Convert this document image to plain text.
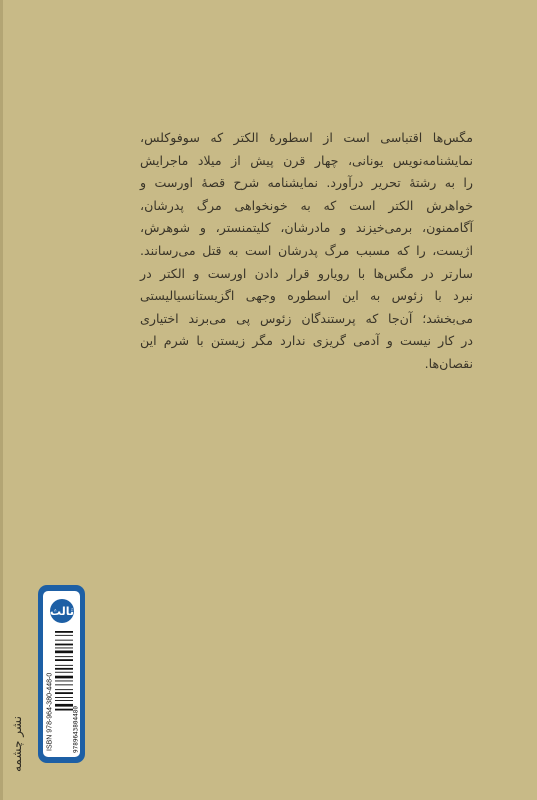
مگس‌ها اقتباسی است از اسطورهٔ الکتر که سوفوکلس،
نمایشنامه‌نویس یونانی، چهار قرن پیش از میلاد ماجرایش
را به رشتهٔ تحریر درآورد. نمایشنامه شرح قصهٔ اورست و
خواهرش الکتر است که به خونخواهی مرگ پدرشان،
آگاممنون، برمی‌خیزند و مادرشان، کلیتمنستر، و شوهرش،
اژیست، را که مسبب مرگ پدرشان است به قتل می‌رسانند.
سارتر در مگس‌ها با رویارو قرار دادن اورست و الکتر در
نبرد با زئوس به این اسطوره وجهی اگزیستانسیالیستی
می‌بخشد؛ آن‌جا که پرستندگان زئوس پی می‌برند اختیاری
در کار نیست و آدمی گریزی ندارد مگر زیستن با شرم این
نقصان‌ها.
نشر چشمه
ثالث
ISBN 978-964-380-448-0	9789643804480
